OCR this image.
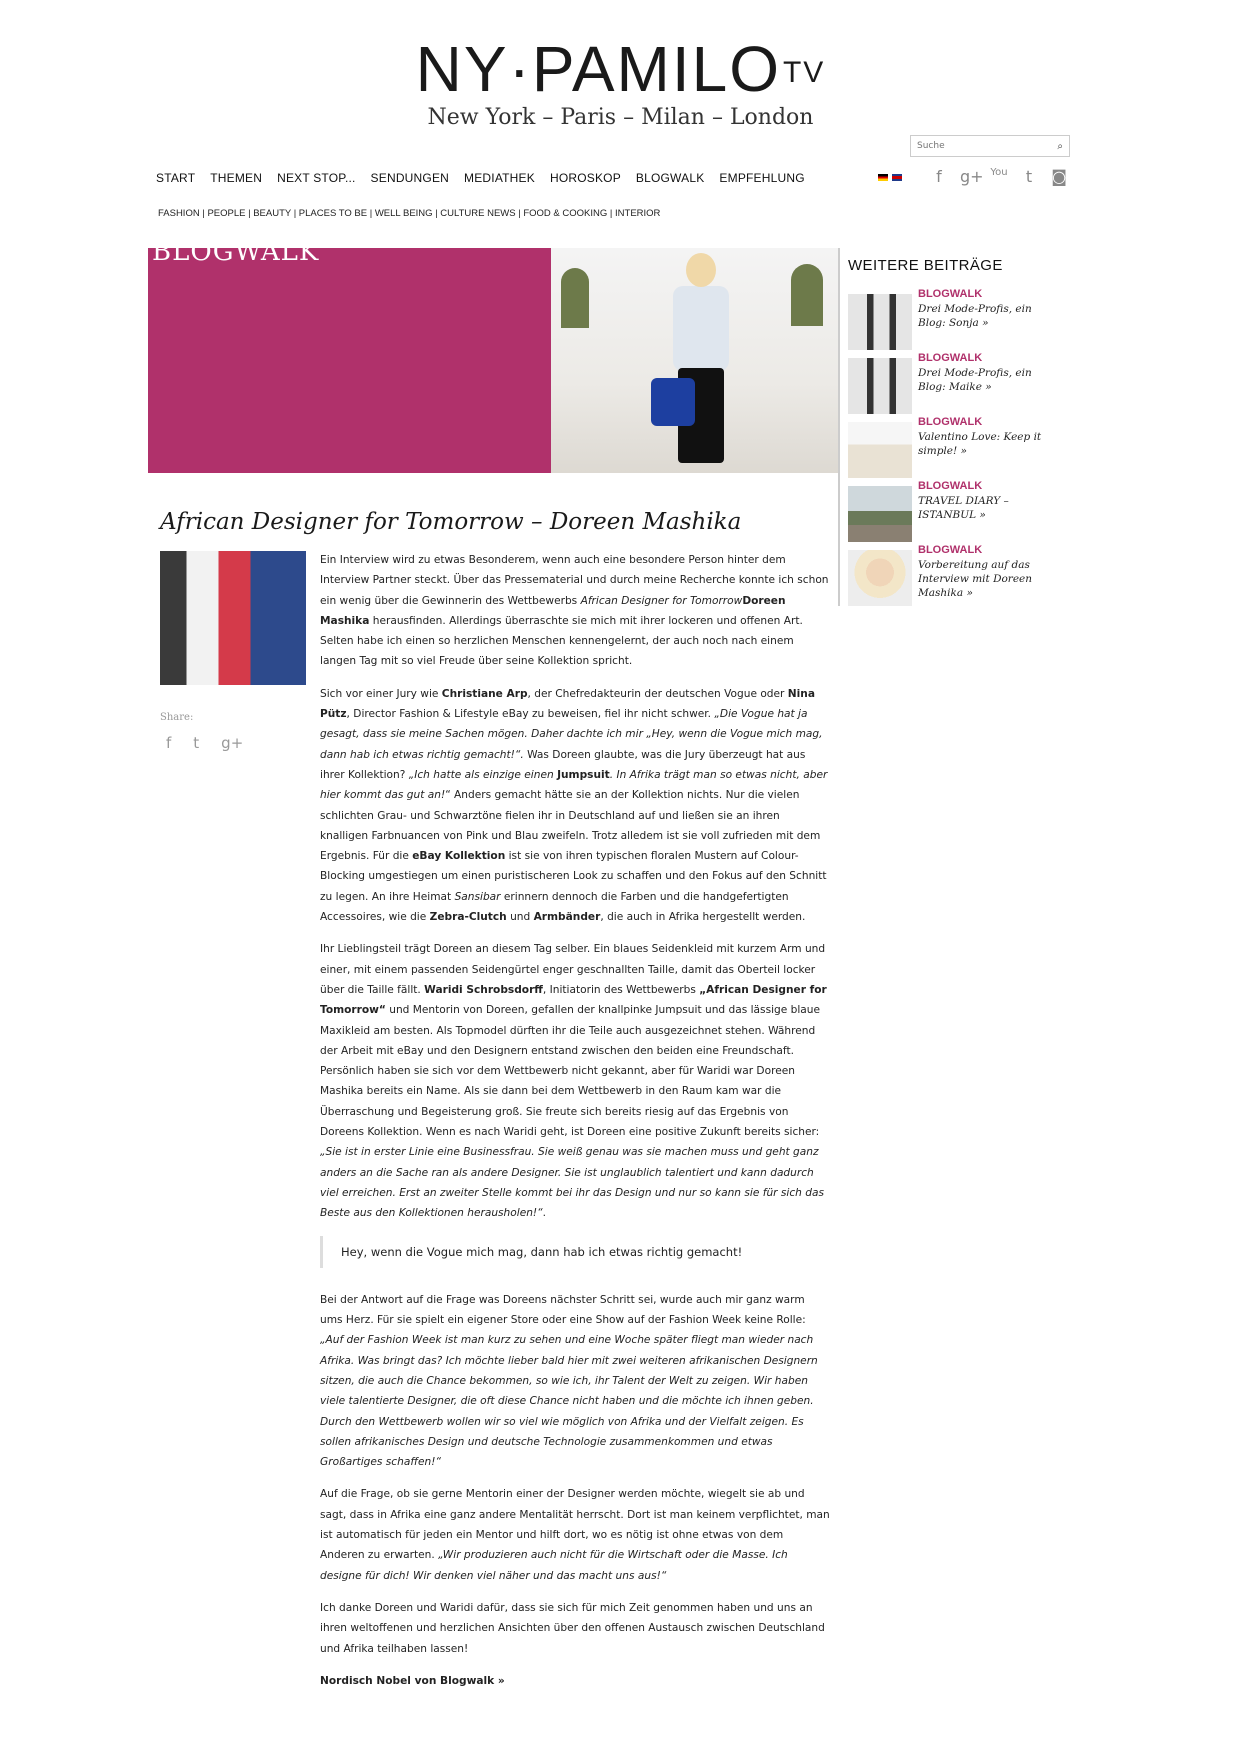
$NY\cdot PAMILO^{TV}$
New York – Paris – Milan – London
Suche
⌕
START THEMEN NEXT STOP... SENDUNGEN MEDIATHEK HOROSKOP BLOGWALK EMPFEHLUNG	f	g+ You	t	◙
FASHION | PEOPLE | BEAUTY | PLACES TO BE | WELL BEING | CULTURE NEWS | FOOD & COOKING | INTERIOR
BLOGWALK	WEITERE BEITRÄGE
BLOGWALK
Drei Mode-Profis, ein Blog: Sonja »
BLOGWALK
Drei Mode-Profis, ein Blog: Maike »
BLOGWALK
Valentino Love: Keep it simple! »
BLOGWALK
TRAVEL DIARY – ISTANBUL »
BLOGWALK
Vorbereitung auf das Interview mit Doreen Mashika »
African Designer for Tomorrow – Doreen Mashika
Share:
f t g+

Ein Interview wird zu etwas Besonderem, wenn auch eine besondere Person hinter dem Interview Partner steckt. Über das Pressematerial und durch meine Recherche konnte ich schon ein wenig über die Gewinnerin des Wettbewerbs African Designer for TomorrowDoreen Mashika herausfinden. Allerdings überraschte sie mich mit ihrer lockeren und offenen Art. Selten habe ich einen so herzlichen Menschen kennengelernt, der auch noch nach einem langen Tag mit so viel Freude über seine Kollektion spricht.

Sich vor einer Jury wie Christiane Arp, der Chefredakteurin der deutschen Vogue oder Nina Pütz, Director Fashion & Lifestyle eBay zu beweisen, fiel ihr nicht schwer. „Die Vogue hat ja gesagt, dass sie meine Sachen mögen. Daher dachte ich mir „Hey, wenn die Vogue mich mag, dann hab ich etwas richtig gemacht!“. Was Doreen glaubte, was die Jury überzeugt hat aus ihrer Kollektion? „Ich hatte als einzige einen Jumpsuit. In Afrika trägt man so etwas nicht, aber hier kommt das gut an!“ Anders gemacht hätte sie an der Kollektion nichts. Nur die vielen schlichten Grau- und Schwarztöne fielen ihr in Deutschland auf und ließen sie an ihren knalligen Farbnuancen von Pink und Blau zweifeln. Trotz alledem ist sie voll zufrieden mit dem Ergebnis. Für die eBay Kollektion ist sie von ihren typischen floralen Mustern auf Colour-Blocking umgestiegen um einen puristischeren Look zu schaffen und den Fokus auf den Schnitt zu legen. An ihre Heimat Sansibar erinnern dennoch die Farben und die handgefertigten Accessoires, wie die Zebra-Clutch und Armbänder, die auch in Afrika hergestellt werden.

Ihr Lieblingsteil trägt Doreen an diesem Tag selber. Ein blaues Seidenkleid mit kurzem Arm und einer, mit einem passenden Seidengürtel enger geschnallten Taille, damit das Oberteil locker über die Taille fällt. Waridi Schrobsdorff, Initiatorin des Wettbewerbs „African Designer for Tomorrow“ und Mentorin von Doreen, gefallen der knallpinke Jumpsuit und das lässige blaue Maxikleid am besten. Als Topmodel dürften ihr die Teile auch ausgezeichnet stehen. Während der Arbeit mit eBay und den Designern entstand zwischen den beiden eine Freundschaft. Persönlich haben sie sich vor dem Wettbewerb nicht gekannt, aber für Waridi war Doreen Mashika bereits ein Name. Als sie dann bei dem Wettbewerb in den Raum kam war die Überraschung und Begeisterung groß. Sie freute sich bereits riesig auf das Ergebnis von Doreens Kollektion. Wenn es nach Waridi geht, ist Doreen eine positive Zukunft bereits sicher: „Sie ist in erster Linie eine Businessfrau. Sie weiß genau was sie machen muss und geht ganz anders an die Sache ran als andere Designer. Sie ist unglaublich talentiert und kann dadurch viel erreichen. Erst an zweiter Stelle kommt bei ihr das Design und nur so kann sie für sich das Beste aus den Kollektionen herausholen!“.

Hey, wenn die Vogue mich mag, dann hab ich etwas richtig gemacht!

Bei der Antwort auf die Frage was Doreens nächster Schritt sei, wurde auch mir ganz warm ums Herz. Für sie spielt ein eigener Store oder eine Show auf der Fashion Week keine Rolle: „Auf der Fashion Week ist man kurz zu sehen und eine Woche später fliegt man wieder nach Afrika. Was bringt das? Ich möchte lieber bald hier mit zwei weiteren afrikanischen Designern sitzen, die auch die Chance bekommen, so wie ich, ihr Talent der Welt zu zeigen. Wir haben viele talentierte Designer, die oft diese Chance nicht haben und die möchte ich ihnen geben. Durch den Wettbewerb wollen wir so viel wie möglich von Afrika und der Vielfalt zeigen. Es sollen afrikanisches Design und deutsche Technologie zusammenkommen und etwas Großartiges schaffen!“

Auf die Frage, ob sie gerne Mentorin einer der Designer werden möchte, wiegelt sie ab und sagt, dass in Afrika eine ganz andere Mentalität herrscht. Dort ist man keinem verpflichtet, man ist automatisch für jeden ein Mentor und hilft dort, wo es nötig ist ohne etwas von dem Anderen zu erwarten. „Wir produzieren auch nicht für die Wirtschaft oder die Masse. Ich designe für dich! Wir denken viel näher und das macht uns aus!“

Ich danke Doreen und Waridi dafür, dass sie sich für mich Zeit genommen haben und uns an ihren weltoffenen und herzlichen Ansichten über den offenen Austausch zwischen Deutschland und Afrika teilhaben lassen!

Nordisch Nobel von Blogwalk »
